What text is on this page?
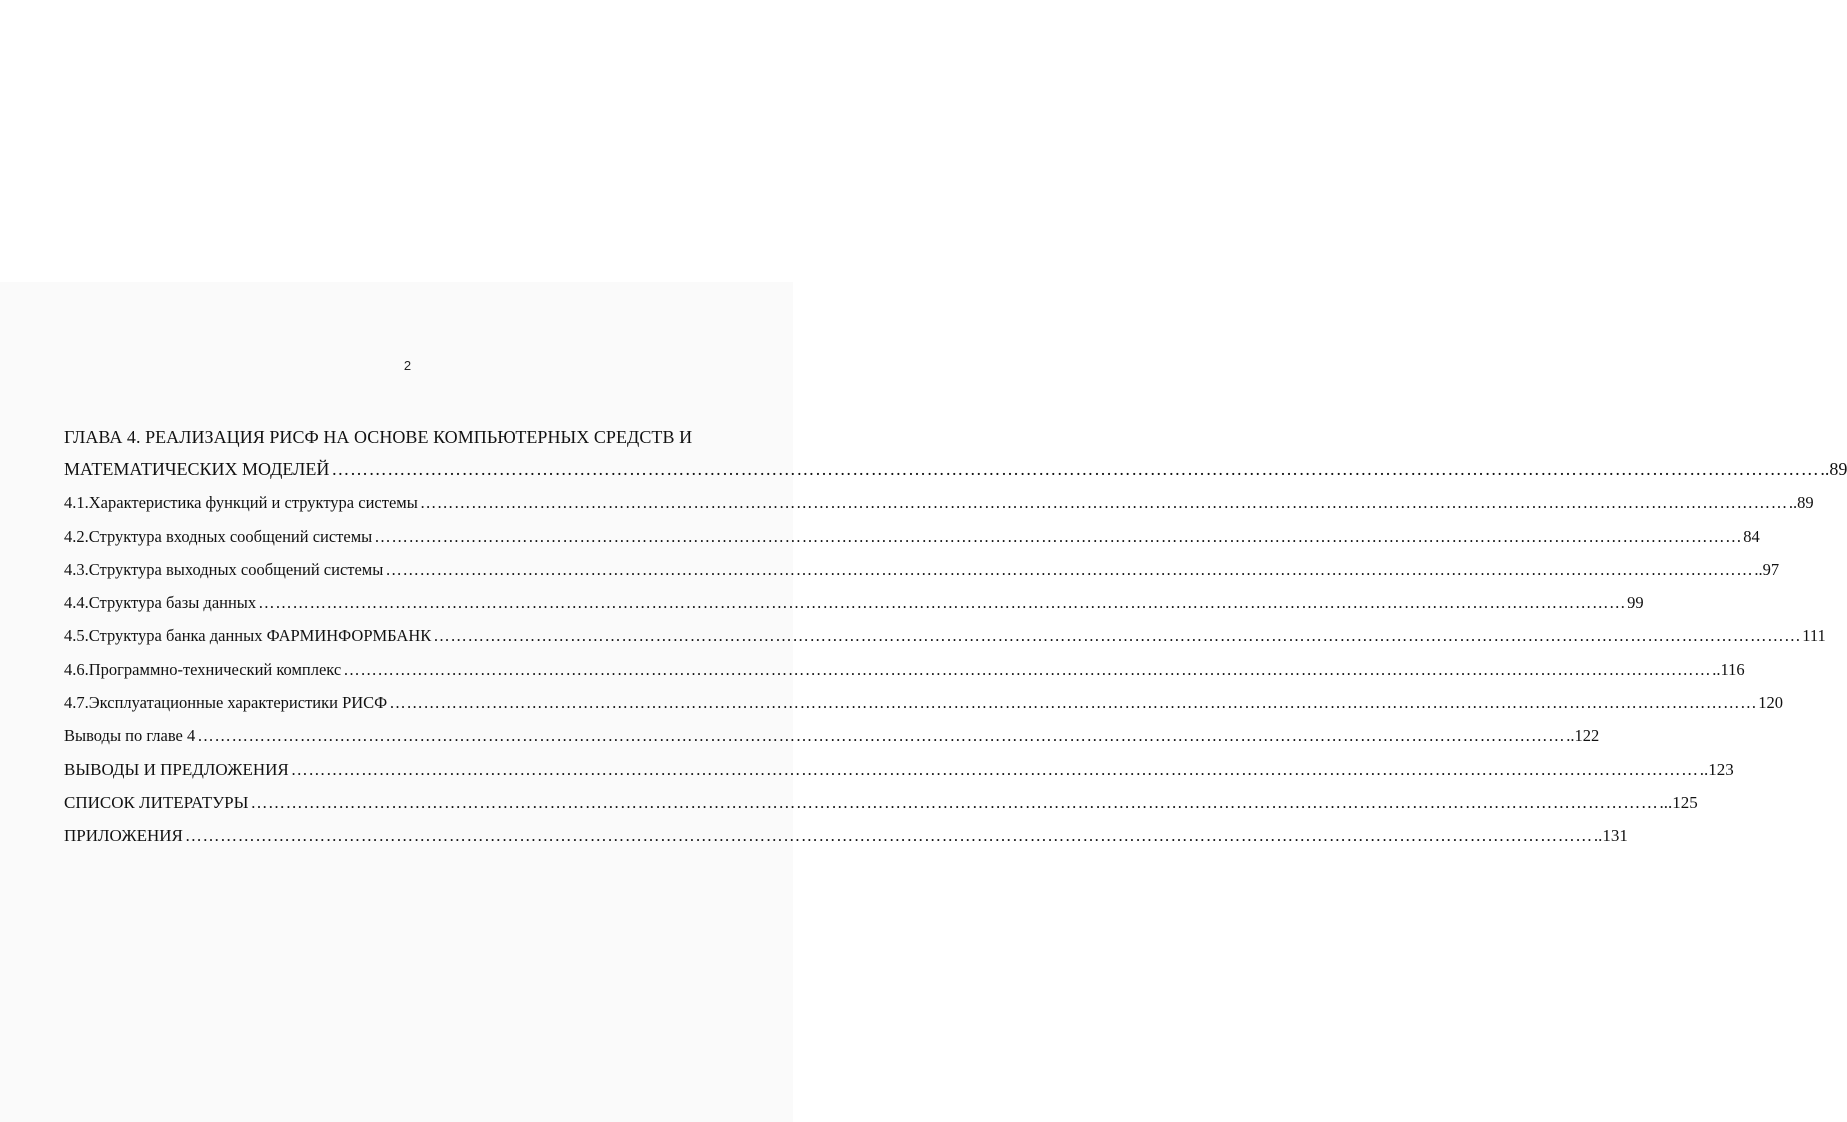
2
ГЛАВА 4. РЕАЛИЗАЦИЯ РИСФ НА ОСНОВЕ КОМПЬЮТЕРНЫХ СРЕДСТВ И
МАТЕМАТИЧЕСКИХ МОДЕЛЕЙ …………………………………………………………………………………………………………………………………………………………………………………………………………………… ..89
4.1. Характеристика функций и структура системы …………………………………………………………………………………………………………………………………………………………………………………………………………………… ..89
4.2. Структура входных сообщений системы …………………………………………………………………………………………………………………………………………………………………………………………………………………… 84
4.3. Структура выходных сообщений системы …………………………………………………………………………………………………………………………………………………………………………………………………………………… ..97
4.4. Структура базы данных …………………………………………………………………………………………………………………………………………………………………………………………………………………… 99
4.5. Структура банка данных ФАРМИНФОРМБАНК …………………………………………………………………………………………………………………………………………………………………………………………………………………… 111
4.6. Программно-технический комплекс …………………………………………………………………………………………………………………………………………………………………………………………………………………… ..116
4.7. Эксплуатационные характеристики РИСФ …………………………………………………………………………………………………………………………………………………………………………………………………………………… 120
Выводы по главе 4 …………………………………………………………………………………………………………………………………………………………………………………………………………………… ..122
ВЫВОДЫ И ПРЕДЛОЖЕНИЯ …………………………………………………………………………………………………………………………………………………………………………………………………………………… ..123
СПИСОК ЛИТЕРАТУРЫ …………………………………………………………………………………………………………………………………………………………………………………………………………………… ...125
ПРИЛОЖЕНИЯ …………………………………………………………………………………………………………………………………………………………………………………………………………………… ..131
